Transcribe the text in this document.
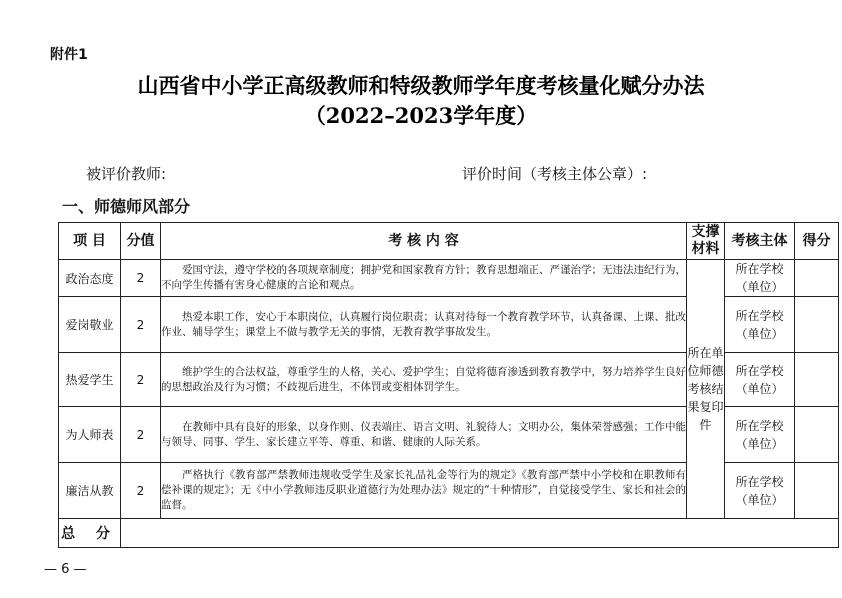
附件1
山西省中小学正高级教师和特级教师学年度考核量化赋分办法
（2022–2023学年度）
被评价教师:	评价时间（考核主体公章）:
一、师德师风部分
项 目	分值	考 核 内 容	支撑材料	考核主体	得分
政治态度	2	爱国守法，遵守学校的各项规章制度；拥护党和国家教育方针；教育思想端正、严谨治学；无违法违纪行为，不向学生传播有害身心健康的言论和观点。	所在单位师德考核结果复印件	所在学校（单位）	
爱岗敬业	2	热爱本职工作，安心于本职岗位，认真履行岗位职责；认真对待每一个教育教学环节，认真备课、上课、批改作业、辅导学生；课堂上不做与教学无关的事情，无教育教学事故发生。		所在学校（单位）	
热爱学生	2	维护学生的合法权益，尊重学生的人格，关心、爱护学生；自觉将德育渗透到教育教学中，努力培养学生良好的思想政治及行为习惯；不歧视后进生，不体罚或变相体罚学生。		所在学校（单位）	
为人师表	2	在教师中具有良好的形象，以身作则、仪表端庄、语言文明、礼貌待人；文明办公，集体荣誉感强；工作中能与领导、同事、学生、家长建立平等、尊重、和谐、健康的人际关系。		所在学校（单位）	
廉洁从教	2	严格执行《教育部严禁教师违规收受学生及家长礼品礼金等行为的规定》《教育部严禁中小学校和在职教师有偿补课的规定》；无《中小学教师违反职业道德行为处理办法》规定的“十种情形”，自觉接受学生、家长和社会的监督。		所在学校（单位）	
总 分					
— 6 —
